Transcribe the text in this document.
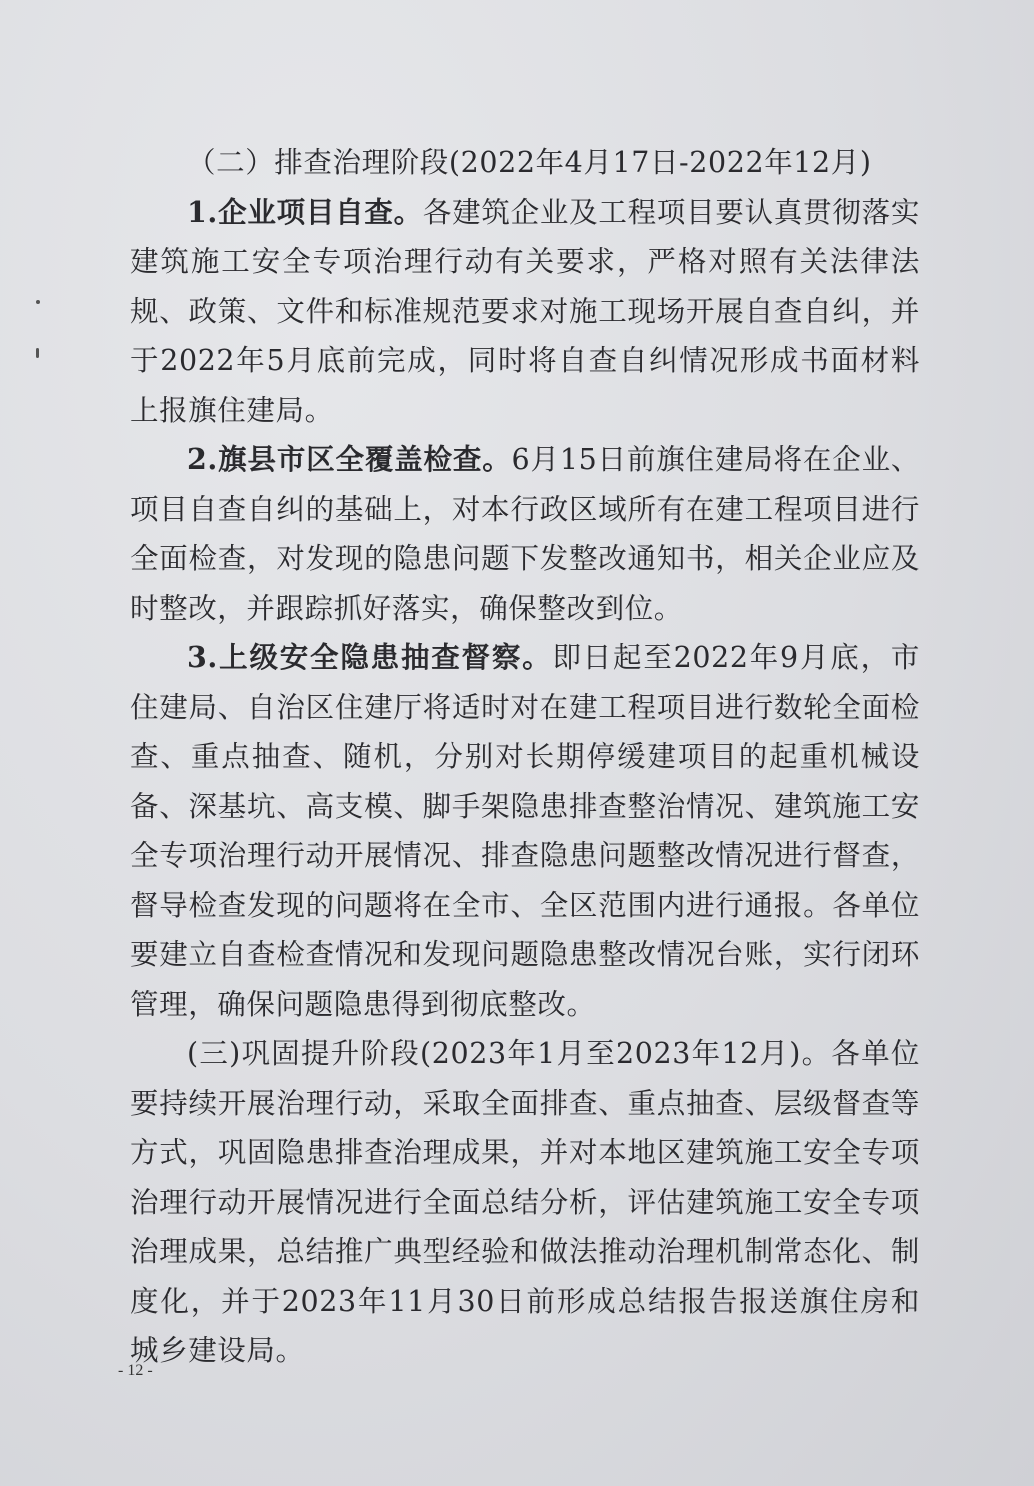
（二）排查治理阶段(2022年4月17日-2022年12月)

1.企业项目自查。各建筑企业及工程项目要认真贯彻落实建筑施工安全专项治理行动有关要求，严格对照有关法律法规、政策、文件和标准规范要求对施工现场开展自查自纠，并于2022年5月底前完成，同时将自查自纠情况形成书面材料上报旗住建局。

2.旗县市区全覆盖检查。6月15日前旗住建局将在企业、项目自查自纠的基础上，对本行政区域所有在建工程项目进行全面检查，对发现的隐患问题下发整改通知书，相关企业应及时整改，并跟踪抓好落实，确保整改到位。

3.上级安全隐患抽查督察。即日起至2022年9月底，市住建局、自治区住建厅将适时对在建工程项目进行数轮全面检查、重点抽查、随机，分别对长期停缓建项目的起重机械设备、深基坑、高支模、脚手架隐患排查整治情况、建筑施工安全专项治理行动开展情况、排查隐患问题整改情况进行督查，督导检查发现的问题将在全市、全区范围内进行通报。各单位要建立自查检查情况和发现问题隐患整改情况台账，实行闭环管理，确保问题隐患得到彻底整改。

(三)巩固提升阶段(2023年1月至2023年12月)。各单位要持续开展治理行动，采取全面排查、重点抽查、层级督查等方式，巩固隐患排查治理成果，并对本地区建筑施工安全专项治理行动开展情况进行全面总结分析，评估建筑施工安全专项治理成果，总结推广典型经验和做法推动治理机制常态化、制度化，并于2023年11月30日前形成总结报告报送旗住房和城乡建设局。

- 12 -
